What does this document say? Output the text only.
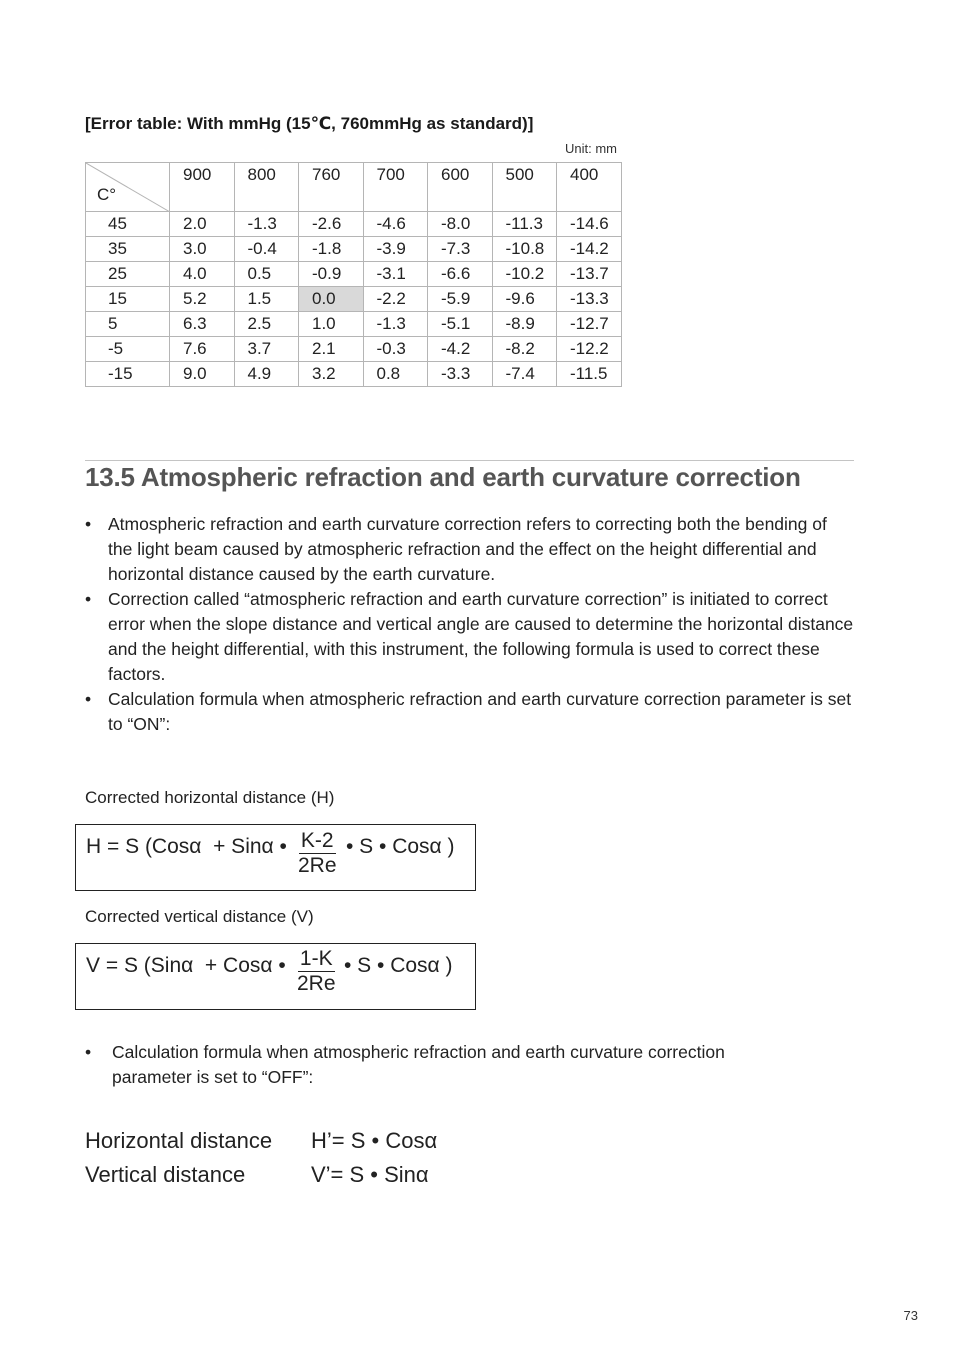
[Error table: With mmHg (15℃, 760mmHg as standard)]
Unit: mm
C°	900	800	760	700	600	500	400
45	2.0	-1.3	-2.6	-4.6	-8.0	-11.3	-14.6
35	3.0	-0.4	-1.8	-3.9	-7.3	-10.8	-14.2
25	4.0	0.5	-0.9	-3.1	-6.6	-10.2	-13.7
15	5.2	1.5	0.0	-2.2	-5.9	-9.6	-13.3
5	6.3	2.5	1.0	-1.3	-5.1	-8.9	-12.7
-5	7.6	3.7	2.1	-0.3	-4.2	-8.2	-12.2
-15	9.0	4.9	3.2	0.8	-3.3	-7.4	-11.5
13.5 Atmospheric refraction and earth curvature correction
• Atmospheric refraction and earth curvature correction refers to correcting both the bending of the light beam caused by atmospheric refraction and the effect on the height differential and horizontal distance caused by the earth curvature.
• Correction called “atmospheric refraction and earth curvature correction” is initiated to correct error when the slope distance and vertical angle are caused to determine the horizontal distance and the height differential, with this instrument, the following formula is used to correct these factors.
• Calculation formula when atmospheric refraction and earth curvature correction parameter is set to “ON”:
Corrected horizontal distance (H)
H = S (Cosα  + Sinα • $\frac{K-2}{2Re}$ • S • Cosα )
Corrected vertical distance (V)
V = S (Sinα  + Cosα • $\frac{1-K}{2Re}$ • S • Cosα )
• Calculation formula when atmospheric refraction and earth curvature correction parameter is set to “OFF”:
Horizontal distance H’= S • Cosα
Vertical distance	V’= S • Sinα
73
